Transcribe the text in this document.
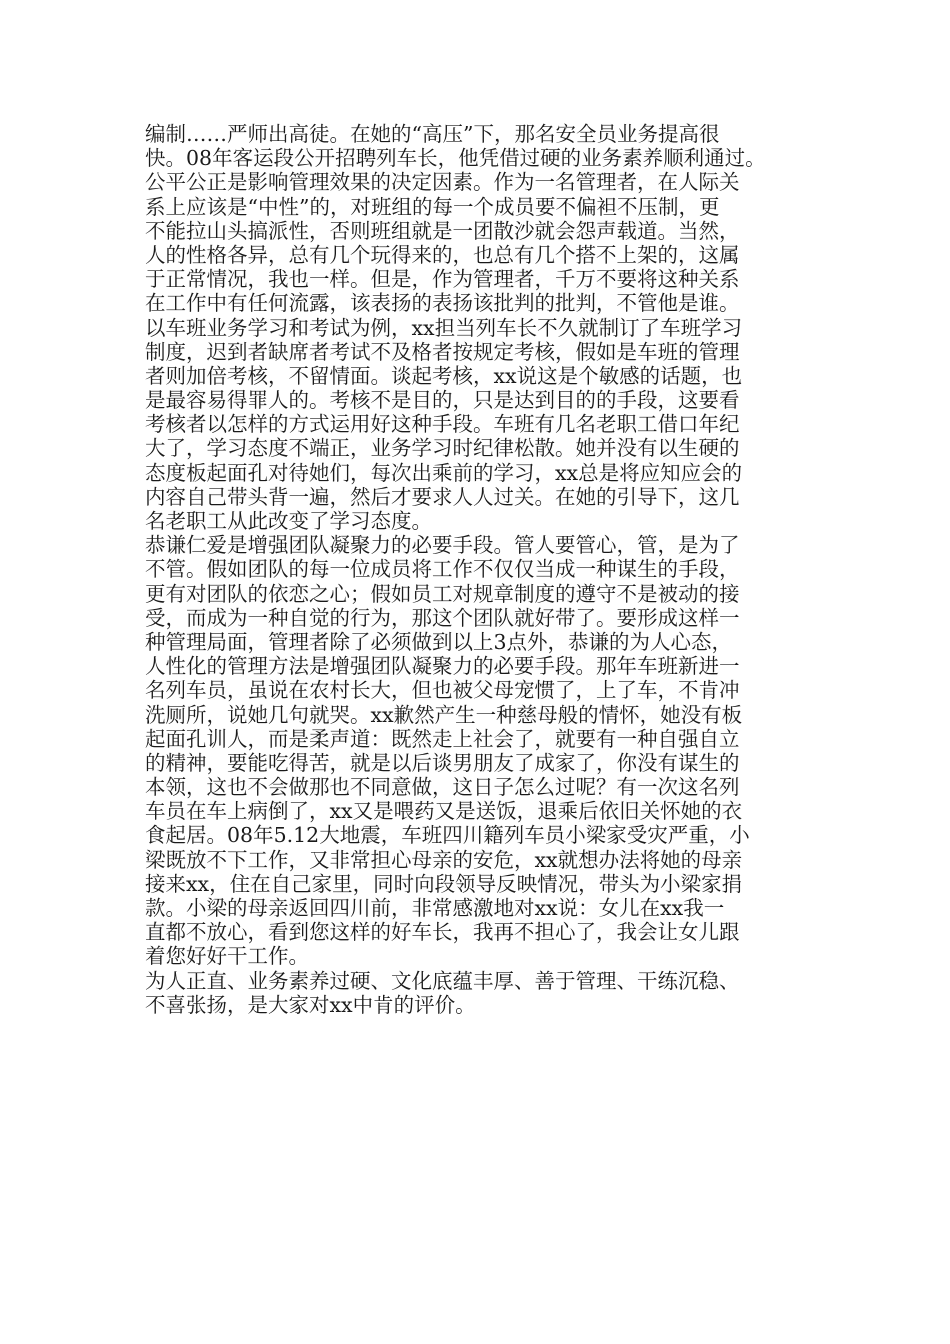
编制……严师出高徒。在她的“高压”下，那名安全员业务提高很
快。08年客运段公开招聘列车长，他凭借过硬的业务素养顺利通过。
公平公正是影响管理效果的决定因素。作为一名管理者，在人际关
系上应该是“中性”的，对班组的每一个成员要不偏袒不压制，更
不能拉山头搞派性，否则班组就是一团散沙就会怨声载道。当然，
人的性格各异，总有几个玩得来的，也总有几个搭不上架的，这属
于正常情况，我也一样。但是，作为管理者，千万不要将这种关系
在工作中有任何流露，该表扬的表扬该批判的批判，不管他是谁。
以车班业务学习和考试为例，xx担当列车长不久就制订了车班学习
制度，迟到者缺席者考试不及格者按规定考核，假如是车班的管理
者则加倍考核，不留情面。谈起考核，xx说这是个敏感的话题，也
是最容易得罪人的。考核不是目的，只是达到目的的手段，这要看
考核者以怎样的方式运用好这种手段。车班有几名老职工借口年纪
大了，学习态度不端正，业务学习时纪律松散。她并没有以生硬的
态度板起面孔对待她们，每次出乘前的学习，xx总是将应知应会的
内容自己带头背一遍，然后才要求人人过关。在她的引导下，这几
名老职工从此改变了学习态度。
恭谦仁爱是增强团队凝聚力的必要手段。管人要管心，管，是为了
不管。假如团队的每一位成员将工作不仅仅当成一种谋生的手段，
更有对团队的依恋之心；假如员工对规章制度的遵守不是被动的接
受，而成为一种自觉的行为，那这个团队就好带了。要形成这样一
种管理局面，管理者除了必须做到以上3点外，恭谦的为人心态，
人性化的管理方法是增强团队凝聚力的必要手段。那年车班新进一
名列车员，虽说在农村长大，但也被父母宠惯了，上了车，不肯冲
洗厕所，说她几句就哭。xx歉然产生一种慈母般的情怀，她没有板
起面孔训人，而是柔声道：既然走上社会了，就要有一种自强自立
的精神，要能吃得苦，就是以后谈男朋友了成家了，你没有谋生的
本领，这也不会做那也不同意做，这日子怎么过呢？有一次这名列
车员在车上病倒了，xx又是喂药又是送饭，退乘后依旧关怀她的衣
食起居。08年5.12大地震，车班四川籍列车员小梁家受灾严重，小
梁既放不下工作，又非常担心母亲的安危，xx就想办法将她的母亲
接来xx，住在自己家里，同时向段领导反映情况，带头为小梁家捐
款。小梁的母亲返回四川前，非常感激地对xx说：女儿在xx我一
直都不放心，看到您这样的好车长，我再不担心了，我会让女儿跟
着您好好干工作。
为人正直、业务素养过硬、文化底蕴丰厚、善于管理、干练沉稳、
不喜张扬，是大家对xx中肯的评价。
